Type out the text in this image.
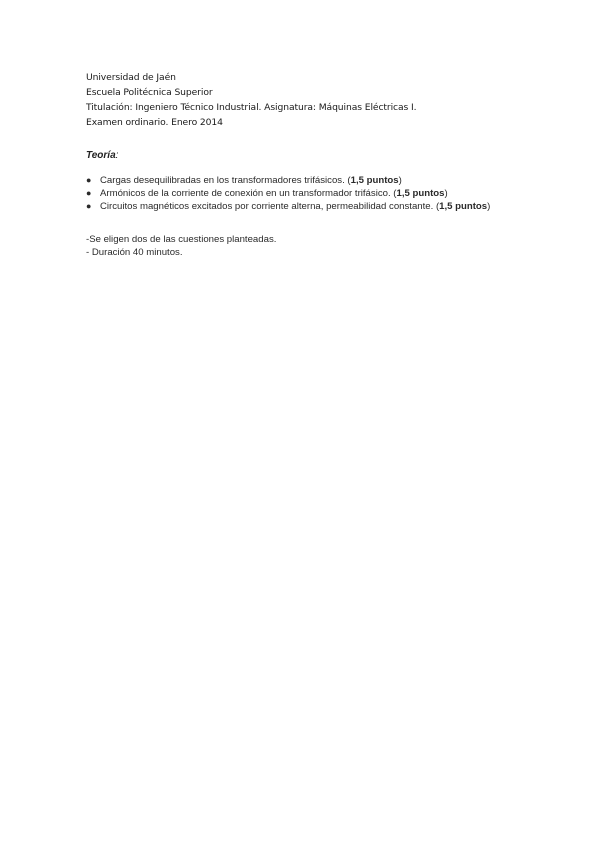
Universidad de Jaén
Escuela Politécnica Superior
Titulación: Ingeniero Técnico Industrial. Asignatura: Máquinas Eléctricas I.
Examen ordinario. Enero 2014
Teoría:
● Cargas desequilibradas en los transformadores trifásicos. (1,5 puntos)
● Armónicos de la corriente de conexión en un transformador trifásico. (1,5 puntos)
● Circuitos magnéticos excitados por corriente alterna, permeabilidad constante. (1,5 puntos)
-Se eligen dos de las cuestiones planteadas.
- Duración 40 minutos.
